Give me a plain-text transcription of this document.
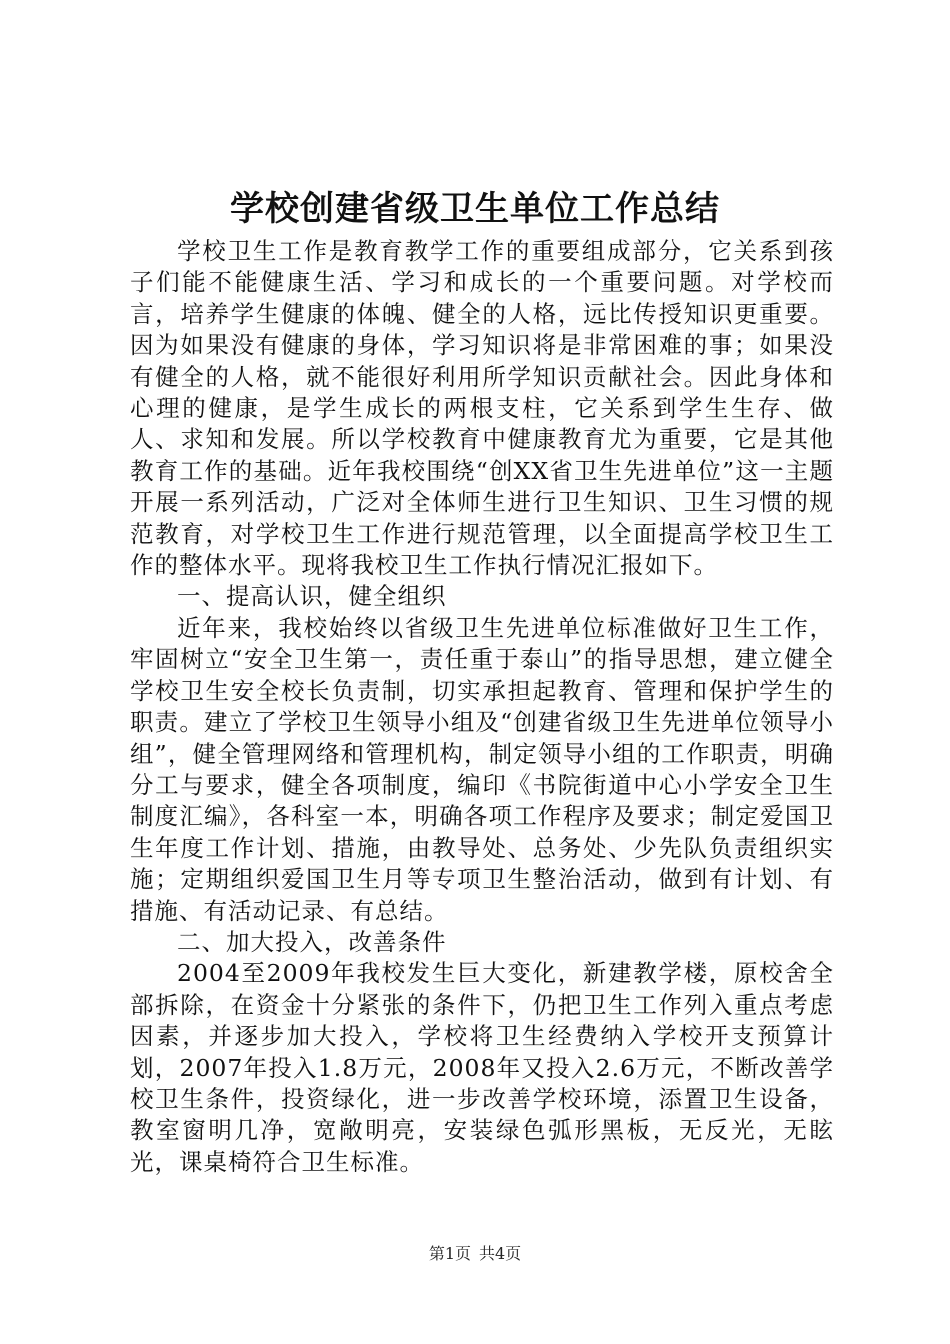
学校创建省级卫生单位工作总结

学校卫生工作是教育教学工作的重要组成部分，它关系到孩子们能不能健康生活、学习和成长的一个重要问题。对学校而言，培养学生健康的体魄、健全的人格，远比传授知识更重要。因为如果没有健康的身体，学习知识将是非常困难的事；如果没有健全的人格，就不能很好利用所学知识贡献社会。因此身体和心理的健康，是学生成长的两根支柱，它关系到学生生存、做人、求知和发展。所以学校教育中健康教育尤为重要，它是其他教育工作的基础。近年我校围绕“创XX省卫生先进单位”这一主题开展一系列活动，广泛对全体师生进行卫生知识、卫生习惯的规范教育，对学校卫生工作进行规范管理，以全面提高学校卫生工作的整体水平。现将我校卫生工作执行情况汇报如下。

一、提高认识，健全组织

近年来，我校始终以省级卫生先进单位标准做好卫生工作，牢固树立“安全卫生第一，责任重于泰山”的指导思想，建立健全学校卫生安全校长负责制，切实承担起教育、管理和保护学生的职责。建立了学校卫生领导小组及“创建省级卫生先进单位领导小组”，健全管理网络和管理机构，制定领导小组的工作职责，明确分工与要求，健全各项制度，编印《书院街道中心小学安全卫生制度汇编》，各科室一本，明确各项工作程序及要求；制定爱国卫生年度工作计划、措施，由教导处、总务处、少先队负责组织实施；定期组织爱国卫生月等专项卫生整治活动，做到有计划、有措施、有活动记录、有总结。

二、加大投入，改善条件

2004至2009年我校发生巨大变化，新建教学楼，原校舍全部拆除，在资金十分紧张的条件下，仍把卫生工作列入重点考虑因素，并逐步加大投入，学校将卫生经费纳入学校开支预算计划，2007年投入1.8万元，2008年又投入2.6万元，不断改善学校卫生条件，投资绿化，进一步改善学校环境，添置卫生设备，教室窗明几净，宽敞明亮，安装绿色弧形黑板，无反光，无眩光，课桌椅符合卫生标准。

第1页 共4页
